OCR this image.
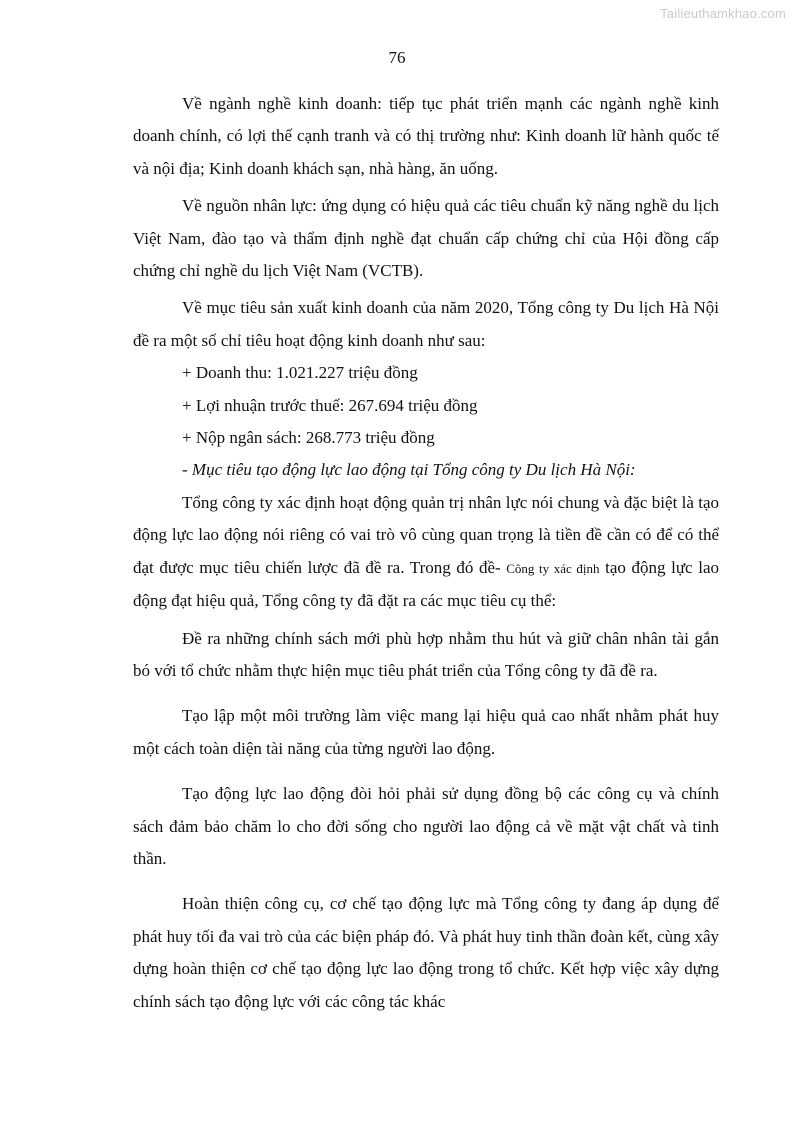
Tailieuthamkhao.com
76

Về ngành nghề kinh doanh: tiếp tục phát triển mạnh các ngành nghề kinh doanh chính, có lợi thế cạnh tranh và có thị trường như: Kinh doanh lữ hành quốc tế và nội địa; Kinh doanh khách sạn, nhà hàng, ăn uống.

Về nguồn nhân lực: ứng dụng có hiệu quả các tiêu chuẩn kỹ năng nghề du lịch Việt Nam, đào tạo và thẩm định nghề đạt chuẩn cấp chứng chỉ của Hội đồng cấp chứng chỉ nghề du lịch Việt Nam (VCTB).

Về mục tiêu sản xuất kinh doanh của năm 2020, Tổng công ty Du lịch Hà Nội đề ra một số chỉ tiêu hoạt động kinh doanh như sau:

+ Doanh thu: 1.021.227 triệu đồng

+ Lợi nhuận trước thuế: 267.694 triệu đồng

+ Nộp ngân sách: 268.773 triệu đồng

- Mục tiêu tạo động lực lao động tại Tổng công ty Du lịch Hà Nội:

Tổng công ty xác định hoạt động quản trị nhân lực nói chung và đặc biệt là tạo động lực lao động nói riêng có vai trò vô cùng quan trọng là tiền đề cần có để có thể đạt được mục tiêu chiến lược đã đề ra. Trong đó đề- Công ty xác định tạo động lực lao động đạt hiệu quả, Tổng công ty đã đặt ra các mục tiêu cụ thể:

Đề ra những chính sách mới phù hợp nhằm thu hút và giữ chân nhân tài gắn bó với tổ chức nhằm thực hiện mục tiêu phát triển của Tổng công ty đã đề ra.

Tạo lập một môi trường làm việc mang lại hiệu quả cao nhất nhằm phát huy một cách toàn diện tài năng của từng người lao động.

Tạo động lực lao động đòi hỏi phải sử dụng đồng bộ các công cụ và chính sách đảm bảo chăm lo cho đời sống cho người lao động cả về mặt vật chất và tinh thần.

Hoàn thiện công cụ, cơ chế tạo động lực mà Tổng công ty đang áp dụng để phát huy tối đa vai trò của các biện pháp đó. Và phát huy tinh thần đoàn kết, cùng xây dựng hoàn thiện cơ chế tạo động lực lao động trong tổ chức. Kết hợp việc xây dựng chính sách tạo động lực với các công tác khác
